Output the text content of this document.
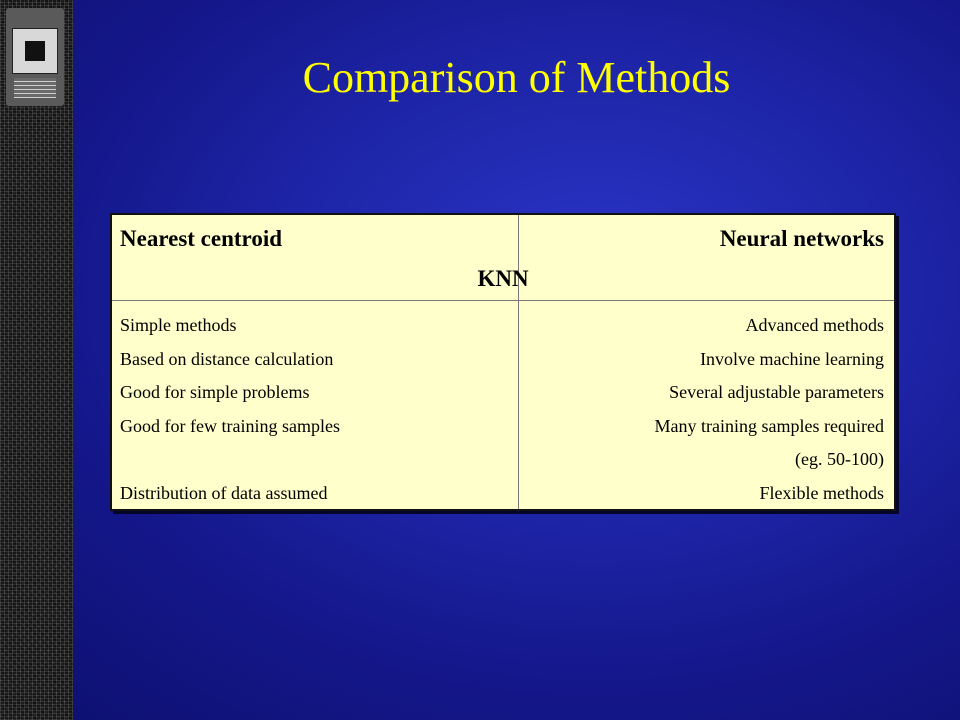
Comparison of Methods
Nearest centroid	Neural networks
KNN
Simple methods
Based on distance calculation
Good for simple problems
Good for few training samples
Distribution of data assumed
Advanced methods
Involve machine learning
Several adjustable parameters
Many training samples required
(eg. 50-100)
Flexible methods
